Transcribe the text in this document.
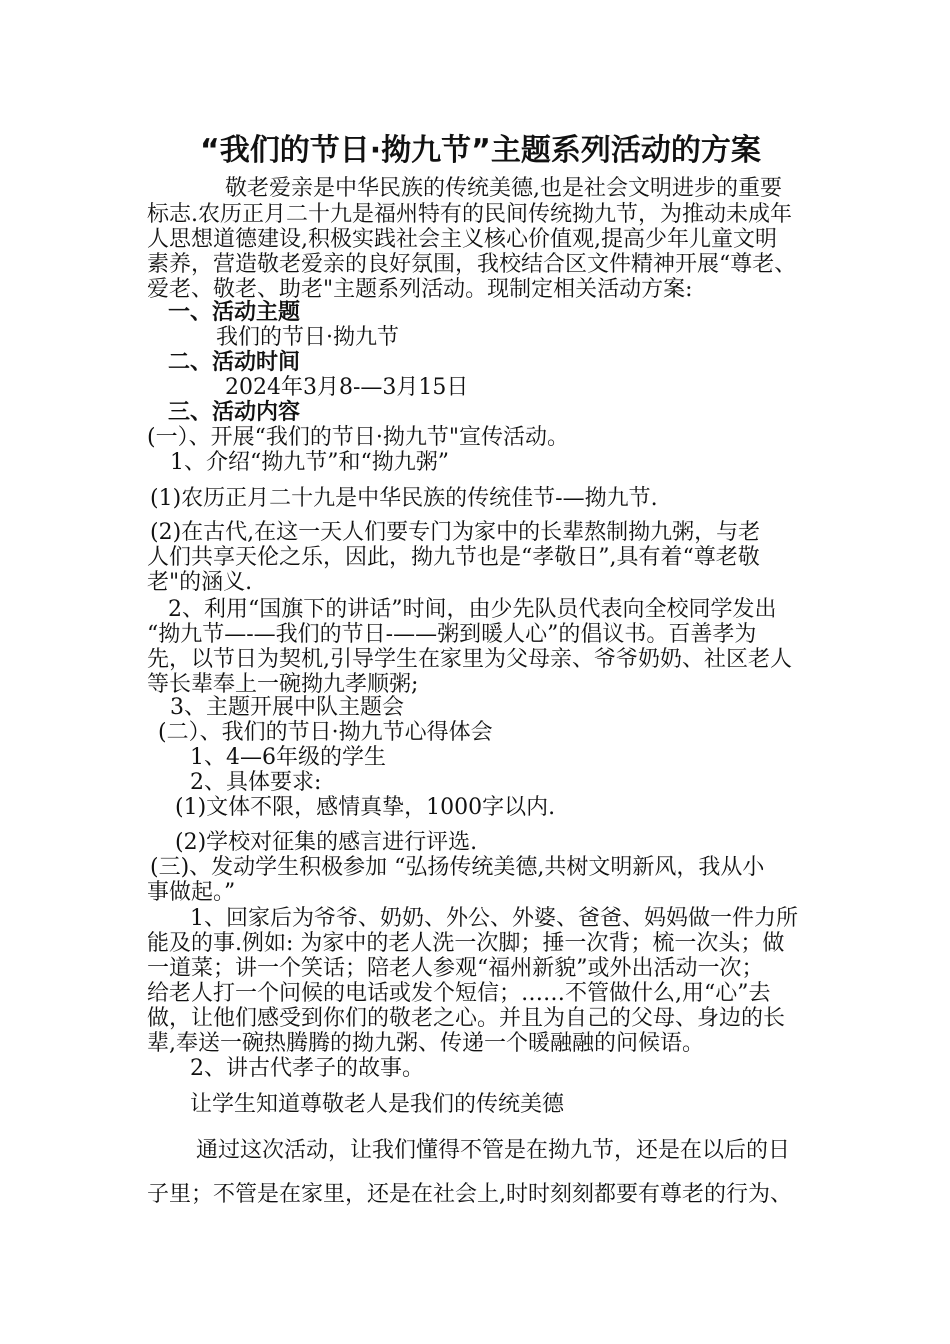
“我们的节日·拗九节”主题系列活动的方案
敬老爱亲是中华民族的传统美德,也是社会文明进步的重要
标志.农历正月二十九是福州特有的民间传统拗九节，为推动未成年
人思想道德建设,积极实践社会主义核心价值观,提高少年儿童文明
素养，营造敬老爱亲的良好氛围，我校结合区文件精神开展“尊老、
爱老、敬老、助老"主题系列活动。现制定相关活动方案:
一、活动主题
我们的节日·拗九节
二、活动时间
2024年3月8-—3月15日
三、活动内容
(一）、开展“我们的节日·拗九节"宣传活动。
1、介绍“拗九节”和“拗九粥”
(1)农历正月二十九是中华民族的传统佳节-—拗九节.
(2)在古代,在这一天人们要专门为家中的长辈熬制拗九粥，与老
人们共享天伦之乐，因此，拗九节也是“孝敬日”,具有着“尊老敬
老"的涵义.
2、利用“国旗下的讲话”时间，由少先队员代表向全校同学发出
“拗九节—-—我们的节日-——粥到暖人心”的倡议书。百善孝为
先，以节日为契机,引导学生在家里为父母亲、爷爷奶奶、社区老人
等长辈奉上一碗拗九孝顺粥;
3、主题开展中队主题会
(二）、我们的节日·拗九节心得体会
1、4—6年级的学生
2、具体要求:
(1)文体不限，感情真挚，1000字以内.
(2)学校对征集的感言进行评选.
(三)、发动学生积极参加 “弘扬传统美德,共树文明新风，我从小
事做起。”
1、回家后为爷爷、奶奶、外公、外婆、爸爸、妈妈做一件力所
能及的事.例如: 为家中的老人洗一次脚；捶一次背；梳一次头；做
一道菜；讲一个笑话；陪老人参观“福州新貌”或外出活动一次；
给老人打一个问候的电话或发个短信；……不管做什么,用“心”去
做，让他们感受到你们的敬老之心。并且为自己的父母、身边的长
辈,奉送一碗热腾腾的拗九粥、传递一个暖融融的问候语。
2、讲古代孝子的故事。
让学生知道尊敬老人是我们的传统美德
通过这次活动，让我们懂得不管是在拗九节，还是在以后的日
子里；不管是在家里，还是在社会上,时时刻刻都要有尊老的行为、
